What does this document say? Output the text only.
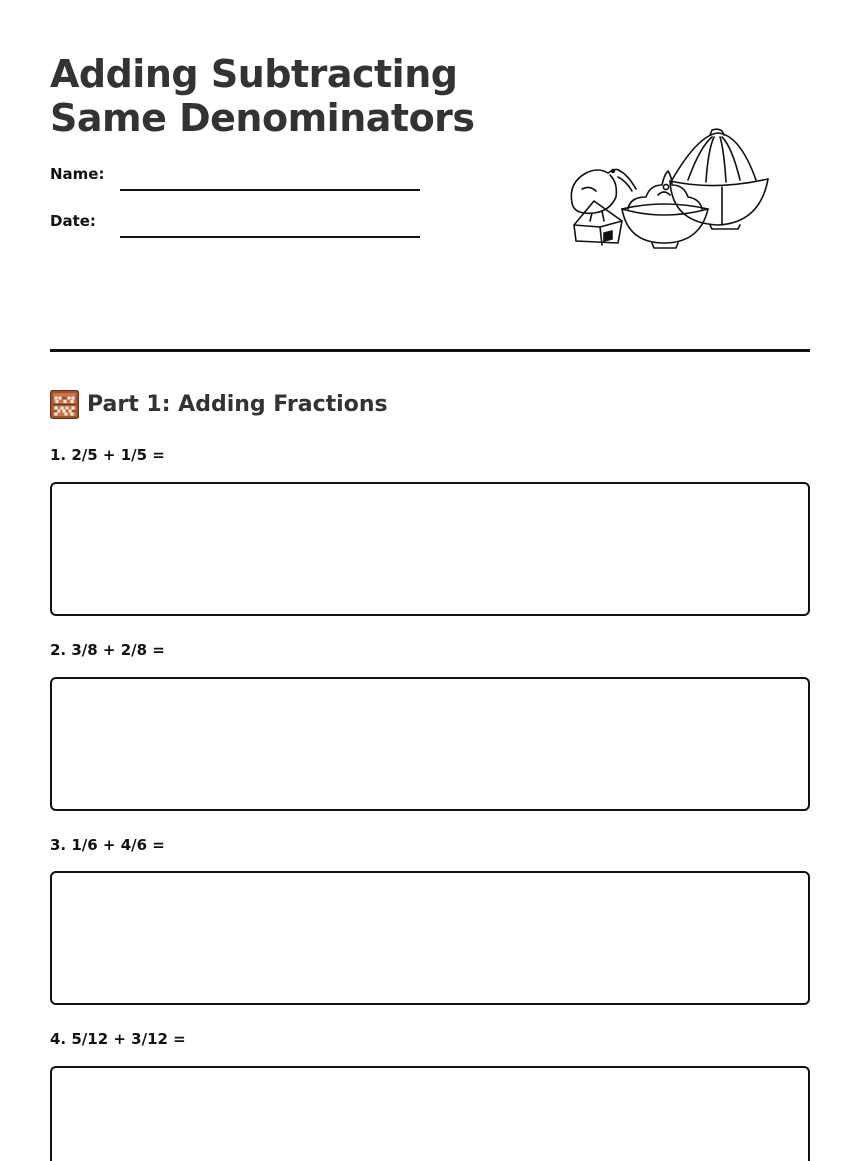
Adding Subtracting
Same Denominators
Name:
Date:
Part 1: Adding Fractions
1. 2/5 + 1/5 =
2. 3/8 + 2/8 =
3. 1/6 + 4/6 =
4. 5/12 + 3/12 =
